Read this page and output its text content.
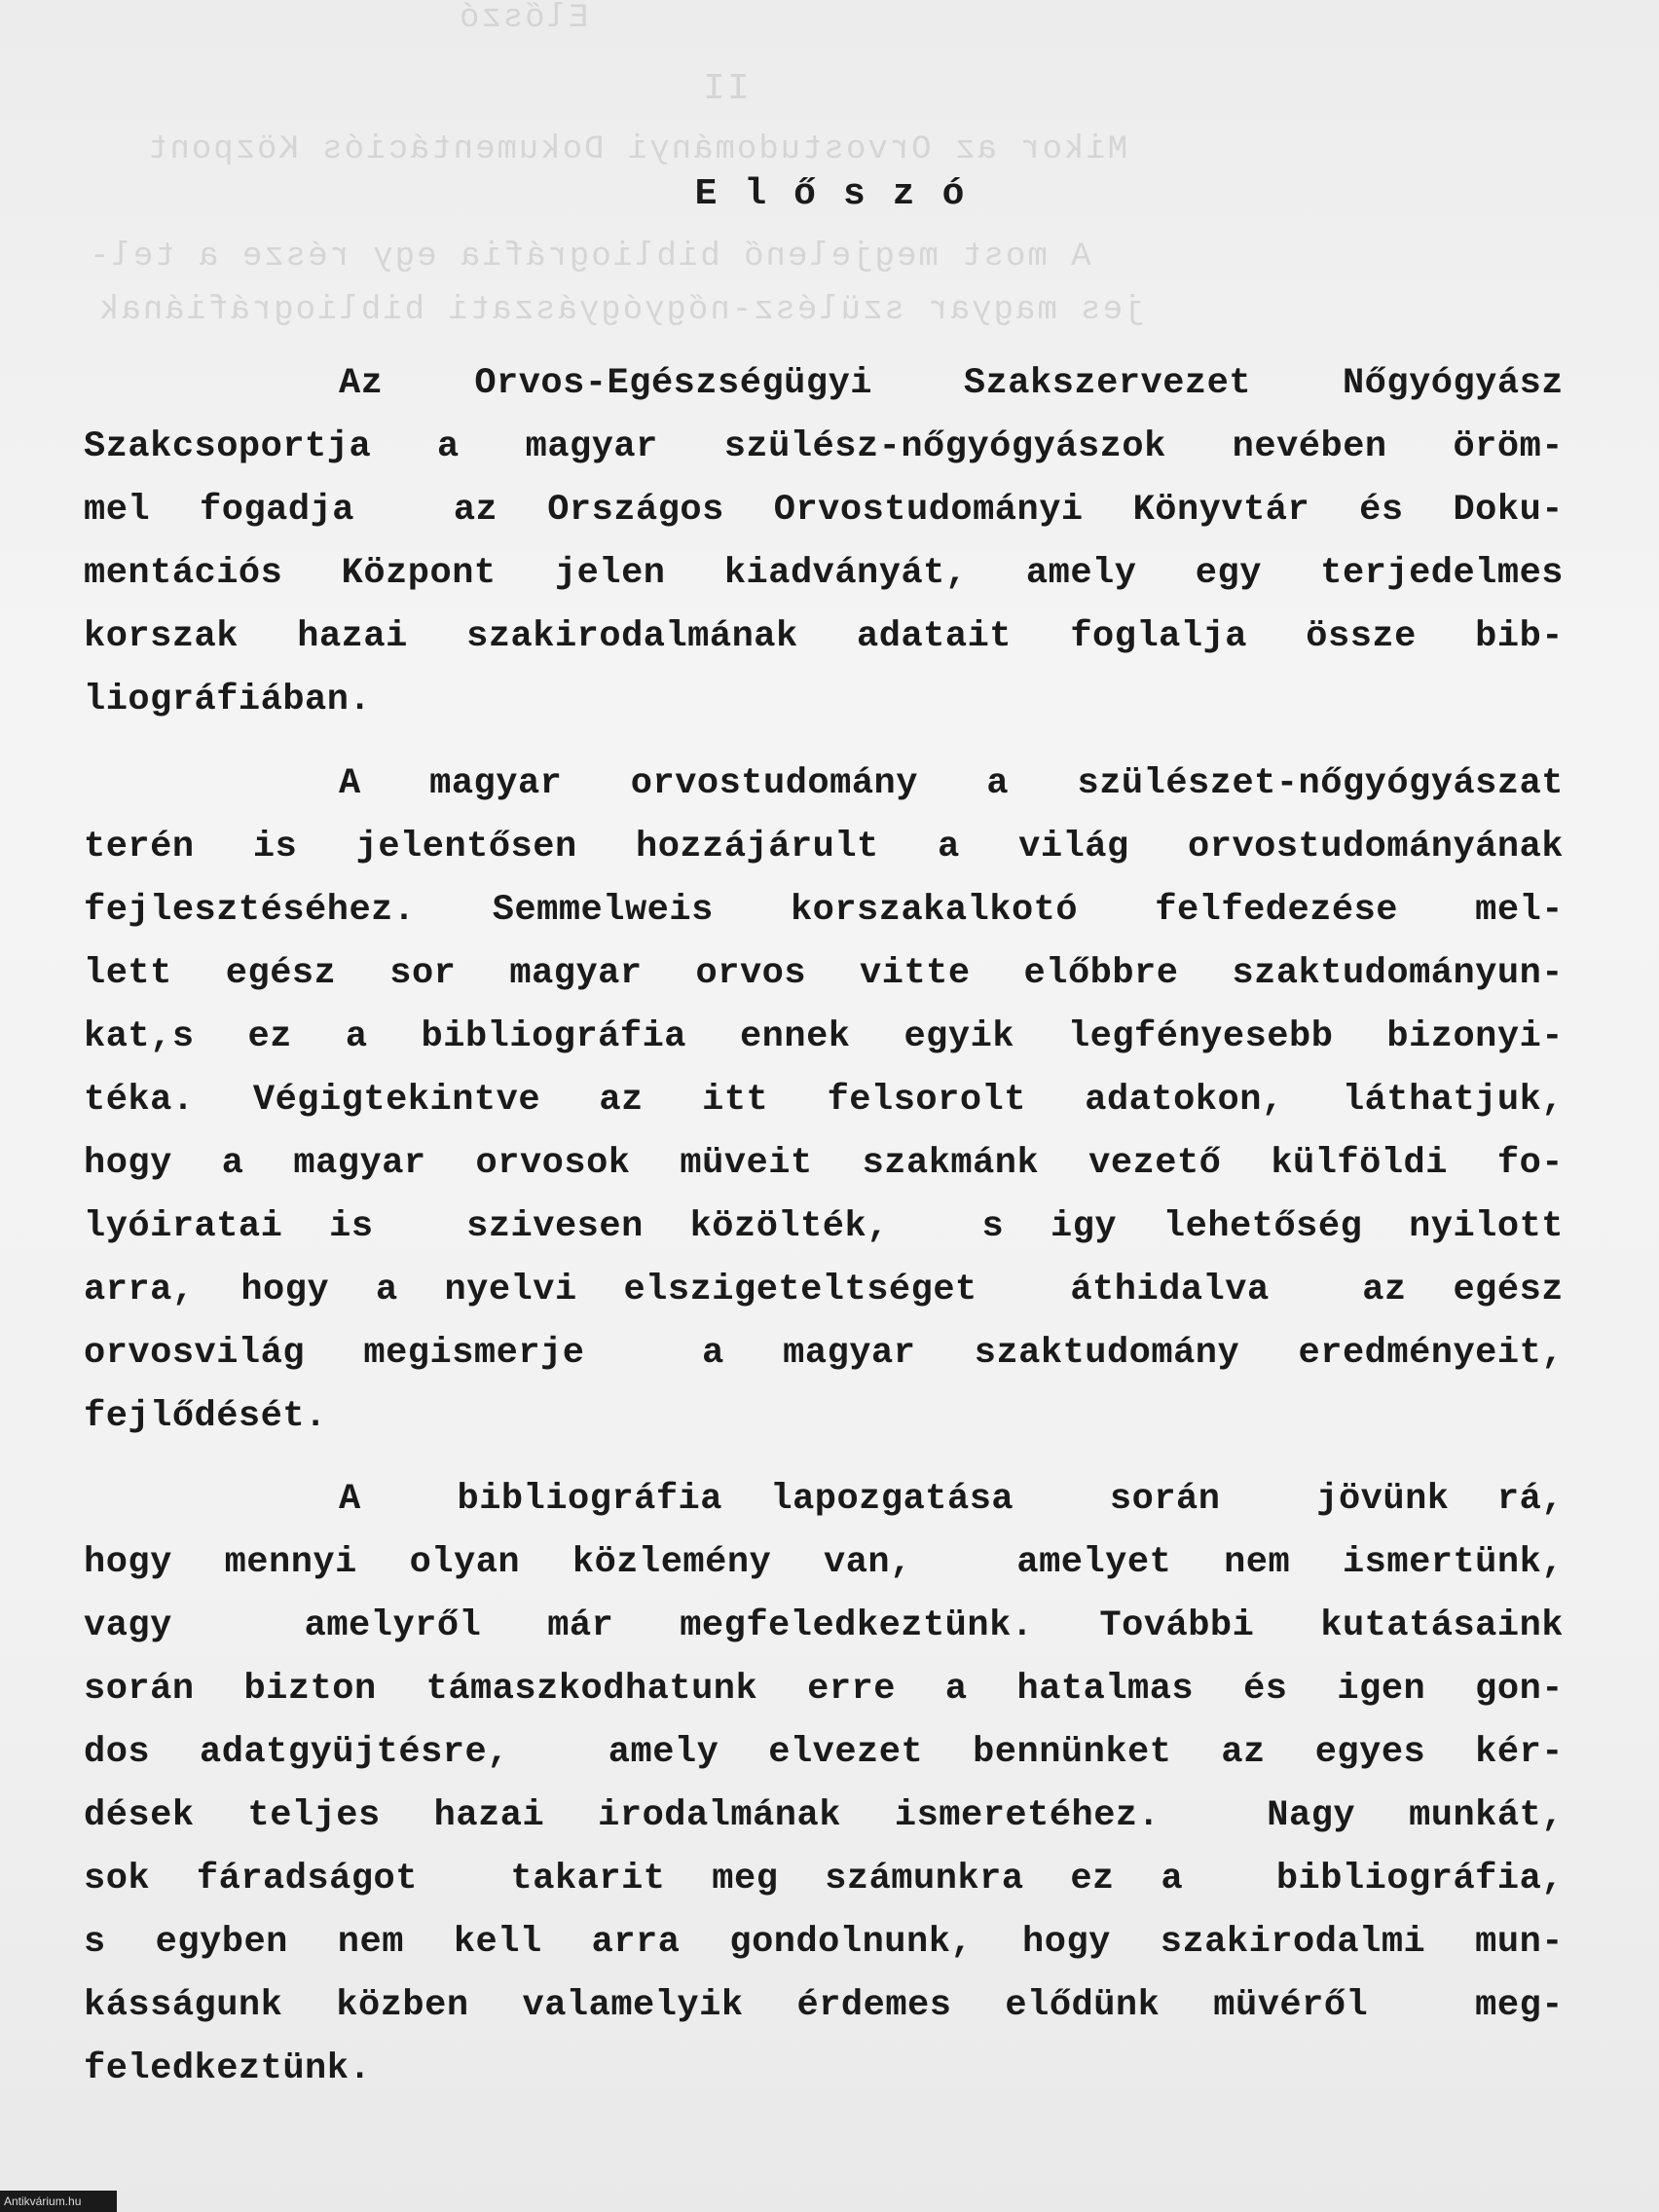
Előszó
II
Mikor az Orvostudományi Dokumentációs Központ
A most megjelenő bibliográfia egy része a tel-
jes magyar szülész-nőgyógyászati bibliográfiának
Előszó
Az Orvos-Egészségügyi Szakszervezet Nőgyógyász
Szakcsoportja a magyar szülész-nőgyógyászok nevében öröm-
mel fogadja  az Országos Orvostudományi Könyvtár és Doku-
mentációs Központ jelen kiadványát, amely egy terjedelmes
korszak hazai szakirodalmának adatait foglalja össze bib-
liográfiában.
A magyar orvostudomány a szülészet-nőgyógyászat
terén is jelentősen hozzájárult a világ orvostudományának
fejlesztéséhez. Semmelweis korszakalkotó felfedezése mel-
lett egész sor magyar orvos vitte előbbre szaktudományun-
kat,s ez a bibliográfia ennek egyik legfényesebb bizonyi-
téka. Végigtekintve az itt felsorolt adatokon, láthatjuk,
hogy a magyar orvosok müveit szakmánk vezető külföldi fo-
lyóiratai is  szivesen közölték,  s igy lehetőség nyilott
arra, hogy a nyelvi elszigeteltséget  áthidalva  az egész
orvosvilág megismerje  a magyar szaktudomány eredményeit,
fejlődését.
A  bibliográfia lapozgatása  során  jövünk rá,
hogy mennyi olyan közlemény van,  amelyet nem ismertünk,
vagy  amelyről már megfeledkeztünk. További kutatásaink
során bizton támaszkodhatunk erre a hatalmas és igen gon-
dos adatgyüjtésre,  amely elvezet bennünket az egyes kér-
dések teljes hazai irodalmának ismeretéhez.  Nagy munkát,
sok fáradságot  takarit meg számunkra ez a  bibliográfia,
s egyben nem kell arra gondolnunk, hogy szakirodalmi mun-
kásságunk közben valamelyik érdemes elődünk müvéről  meg-
feledkeztünk.
Antikvárium.hu
